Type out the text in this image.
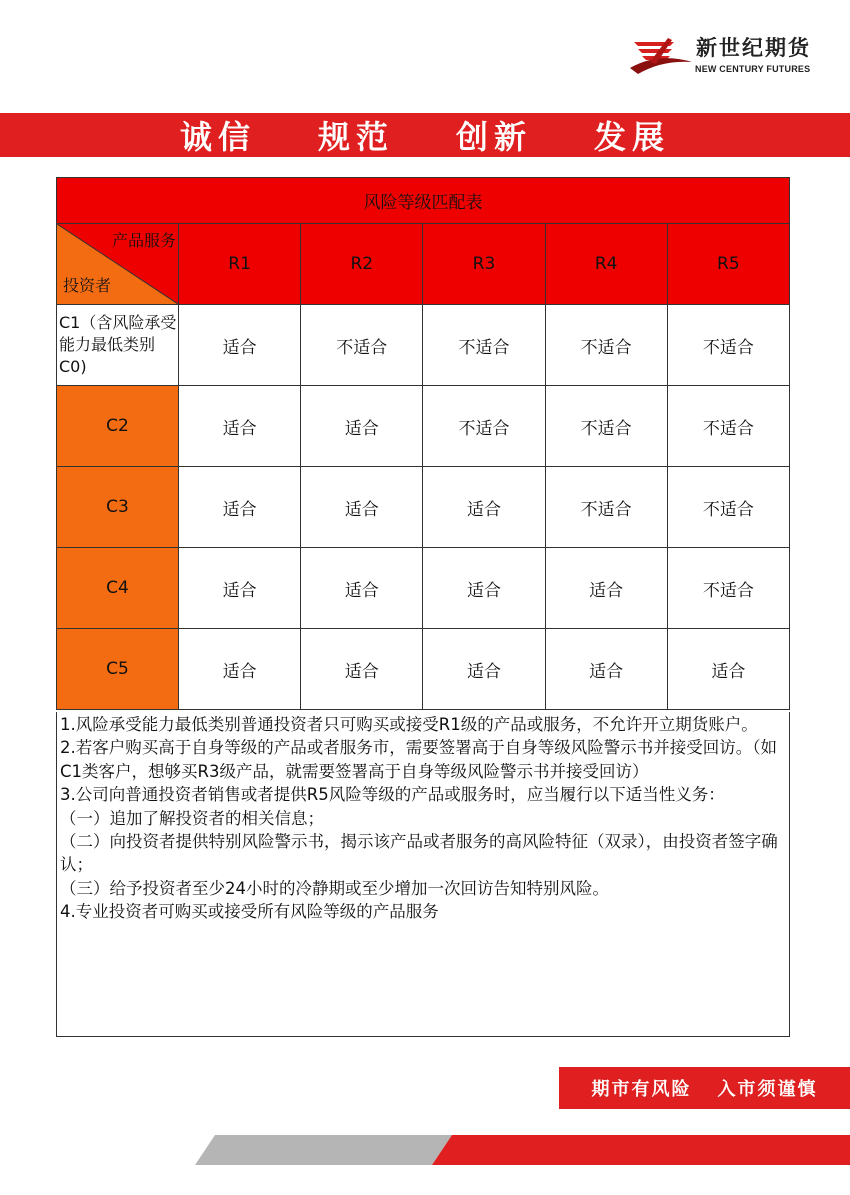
新世纪期货
NEW CENTURY FUTURES
诚信 规范 创新 发展
风险等级匹配表					

产品服务
投资者	R1	R2	R3	R4	R5
C1（含风险承受能力最低类别C0)	适合	不适合	不适合	不适合	不适合
C2	适合	适合	不适合	不适合	不适合
C3	适合	适合	适合	不适合	不适合
C4	适合	适合	适合	适合	不适合
C5	适合	适合	适合	适合	适合

1.风险承受能力最低类别普通投资者只可购买或接受R1级的产品或服务，不允许开立期货账户。

2.若客户购买高于自身等级的产品或者服务市，需要签署高于自身等级风险警示书并接受回访。（如C1类客户，想够买R3级产品，就需要签署高于自身等级风险警示书并接受回访）

3.公司向普通投资者销售或者提供R5风险等级的产品或服务时，应当履行以下适当性义务：

（一）追加了解投资者的相关信息；

（二）向投资者提供特别风险警示书，揭示该产品或者服务的高风险特征（双录），由投资者签字确认；

（三）给予投资者至少24小时的冷静期或至少增加一次回访告知特别风险。

4.专业投资者可购买或接受所有风险等级的产品服务

期市有风险 入市须谨慎
